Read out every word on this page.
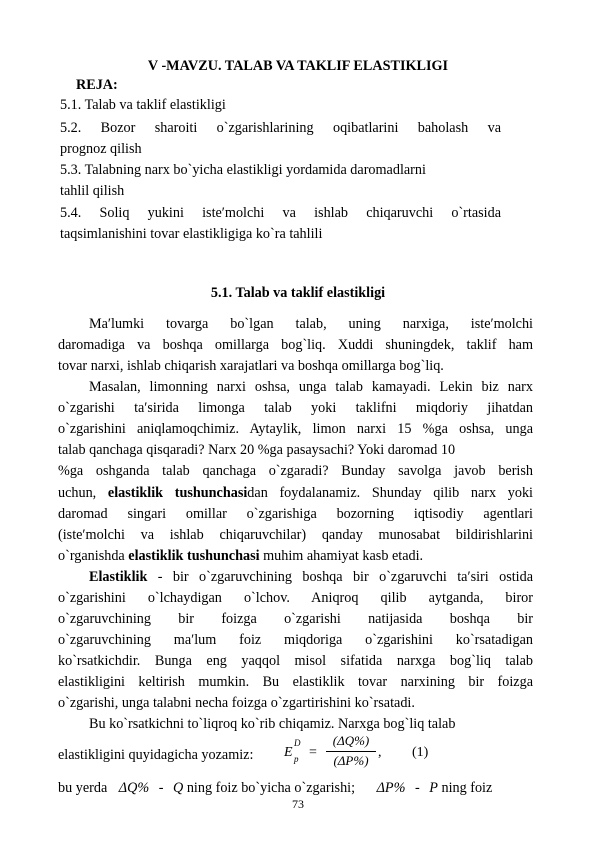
V -MAVZU. TALAB VA TAKLIF ELASTIKLIGI
REJA:
5.1. Talab va taklif elastikligi
5.2. Bozor sharoiti o`zgarishlarining oqibatlarini baholash va
prognoz qilish
5.3. Talabning narx bo`yicha elastikligi yordamida daromadlarni
tahlil qilish
5.4. Soliq yukini iste′molchi va ishlab chiqaruvchi o`rtasida
taqsimlanishini tovar elastikligiga ko`ra tahlili
5.1. Talab va taklif elastikligi
Ma′lumki tovarga bo`lgan talab, uning narxiga, iste′molchi
daromadiga va boshqa omillarga bog`liq. Xuddi shuningdek, taklif ham
tovar narxi, ishlab chiqarish xarajatlari va boshqa omillarga bog`liq.
Masalan, limonning narxi oshsa, unga talab kamayadi. Lekin biz narx
o`zgarishi ta′sirida limonga talab yoki taklifni miqdoriy jihatdan
o`zgarishini aniqlamoqchimiz. Aytaylik, limon narxi 15 %ga oshsa, unga
talab qanchaga qisqaradi? Narx 20 %ga pasaysachi? Yoki daromad 10
%ga oshganda talab qanchaga o`zgaradi? Bunday savolga javob berish
uchun, elastiklik tushunchasidan foydalanamiz. Shunday qilib narx yoki
daromad singari omillar o`zgarishiga bozorning iqtisodiy agentlari
(iste′molchi va ishlab chiqaruvchilar) qanday munosabat bildirishlarini
o`rganishda elastiklik tushunchasi muhim ahamiyat kasb etadi.
Elastiklik - bir o`zgaruvchining boshqa bir o`zgaruvchi ta′siri ostida
o`zgarishini o`lchaydigan o`lchov. Aniqroq qilib aytganda, biror
o`zgaruvchining bir foizga o`zgarishi natijasida boshqa bir
o`zgaruvchining ma′lum foiz miqdoriga o`zgarishini ko`rsatadigan
ko`rsatkichdir. Bunga eng yaqqol misol sifatida narxga bog`liq talab
elastikligini keltirish mumkin. Bu elastiklik tovar narxining bir foizga
o`zgarishi, unga talabni necha foizga o`zgartirishini ko`rsatadi.
Bu ko`rsatkichni to`liqroq ko`rib chiqamiz. Narxga bog`liq talab
elastikligini quyidagicha yozamiz: E
D
p =
(ΔQ%)
(ΔP%)
, (1)
bu yerda ΔQ% - Q ning foiz bo`yicha o`zgarishi; ΔP% - P ning foiz
73
